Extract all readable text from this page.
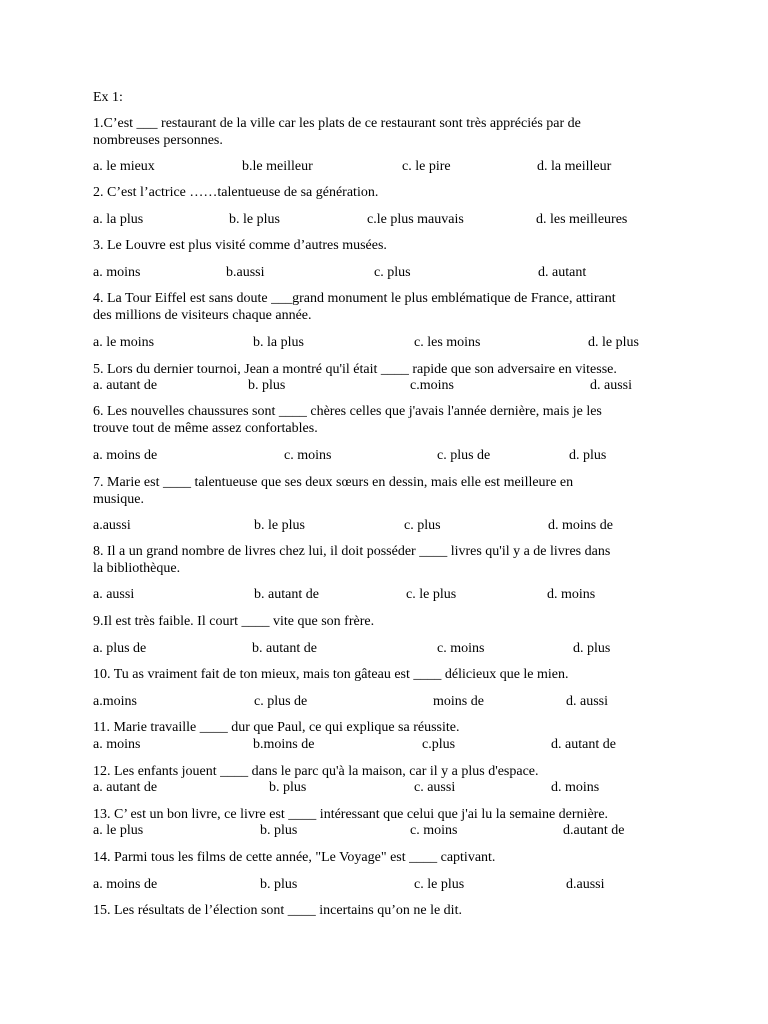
Ex 1:
1.C’est ___ restaurant de la ville car les plats de ce restaurant sont très appréciés par de
nombreuses personnes.
a. le mieux	b.le meilleur	c. le pire	d. la meilleur
2. C’est l’actrice ……talentueuse de sa génération.
a. la plus	b. le plus	c.le plus mauvais	d. les meilleures
3. Le Louvre est plus visité comme d’autres musées.
a. moins	b.aussi	c. plus	d. autant
4. La Tour Eiffel est sans doute ___grand monument le plus emblématique de France, attirant
des millions de visiteurs chaque année.
a. le moins	b. la plus	c. les moins	d. le plus
5. Lors du dernier tournoi, Jean a montré qu'il était ____ rapide que son adversaire en vitesse.
a. autant de	b. plus	c.moins	d. aussi
6. Les nouvelles chaussures sont ____ chères celles que j'avais l'année dernière, mais je les
trouve tout de même assez confortables.
a. moins de	c. moins	c. plus de	d. plus
7. Marie est ____ talentueuse que ses deux sœurs en dessin, mais elle est meilleure en
musique.
a.aussi	b. le plus	c. plus	d. moins de
8. Il a un grand nombre de livres chez lui, il doit posséder ____ livres qu'il y a de livres dans
la bibliothèque.
a. aussi	b. autant de	c. le plus	d. moins
9.Il est très faible. Il court ____ vite que son frère.
a. plus de	b. autant de	c. moins	d. plus
10. Tu as vraiment fait de ton mieux, mais ton gâteau est ____ délicieux que le mien.
a.moins	c. plus de	moins de	d. aussi
11. Marie travaille ____ dur que Paul, ce qui explique sa réussite.
a. moins	b.moins de	c.plus	d. autant de
12. Les enfants jouent ____ dans le parc qu'à la maison, car il y a plus d'espace.
a. autant de	b. plus	c. aussi	d. moins
13. C’ est un bon livre, ce livre est ____ intéressant que celui que j'ai lu la semaine dernière.
a. le plus	b. plus	c. moins	d.autant de
14. Parmi tous les films de cette année, "Le Voyage" est ____ captivant.
a. moins de	b. plus	c. le plus	d.aussi
15. Les résultats de l’élection sont ____ incertains qu’on ne le dit.
